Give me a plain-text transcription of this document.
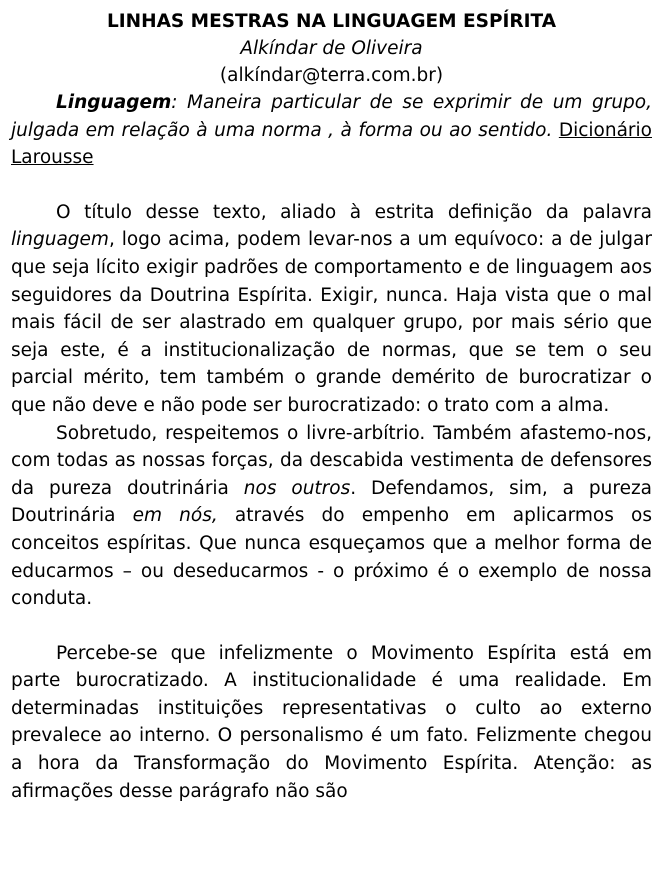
LINHAS MESTRAS NA LINGUAGEM ESPÍRITA

Alkíndar de Oliveira

(alkíndar@terra.com.br)

Linguagem: Maneira particular de se exprimir de um grupo, julgada em relação à uma norma , à forma ou ao sentido. Dicionário Larousse

O título desse texto, aliado à estrita definição da palavra linguagem, logo acima, podem levar-nos a um equívoco: a de julgar que seja lícito exigir padrões de comportamento e de linguagem aos seguidores da Doutrina Espírita. Exigir, nunca. Haja vista que o mal mais fácil de ser alastrado em qualquer grupo, por mais sério que seja este, é a institucionalização de normas, que se tem o seu parcial mérito, tem também o grande demérito de burocratizar o que não deve e não pode ser burocratizado: o trato com a alma.

Sobretudo, respeitemos o livre-arbítrio. Também afastemo-nos, com todas as nossas forças, da descabida vestimenta de defensores da pureza doutrinária nos outros. Defendamos, sim, a pureza Doutrinária em nós, através do empenho em aplicarmos os conceitos espíritas. Que nunca esqueçamos que a melhor forma de educarmos – ou deseducarmos - o próximo é o exemplo de nossa conduta.

Percebe-se que infelizmente o Movimento Espírita está em parte burocratizado. A institucionalidade é uma realidade. Em determinadas instituições representativas o culto ao externo prevalece ao interno. O personalismo é um fato. Felizmente chegou a hora da Transformação do Movimento Espírita. Atenção: as afirmações desse parágrafo não são
